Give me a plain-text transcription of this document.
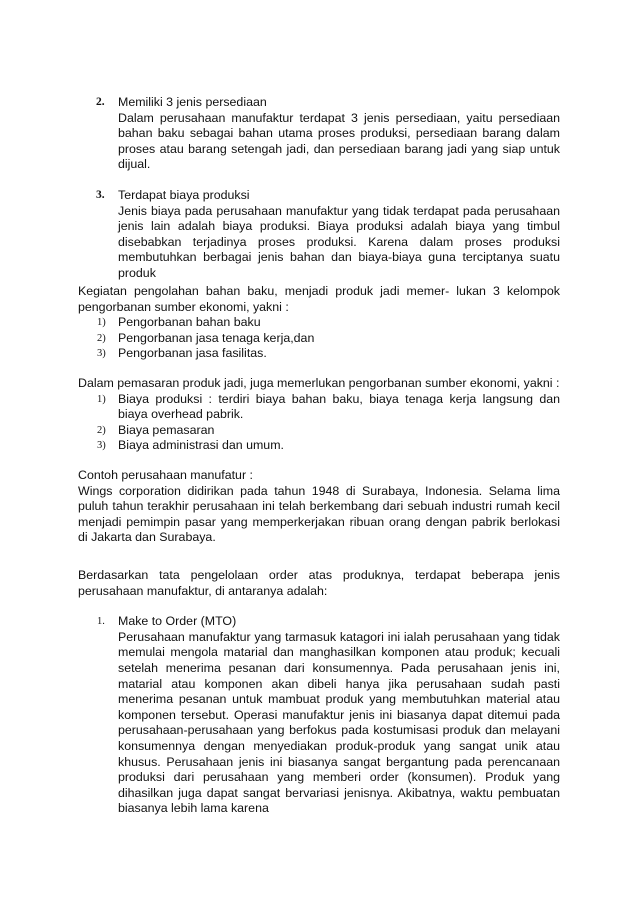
2. Memiliki 3 jenis persediaan

Dalam perusahaan manufaktur terdapat 3 jenis persediaan, yaitu persediaan bahan baku sebagai bahan utama proses produksi, persediaan barang dalam proses atau barang setengah jadi, dan persediaan barang jadi yang siap untuk dijual.

3. Terdapat biaya produksi

Jenis biaya pada perusahaan manufaktur yang tidak terdapat pada perusahaan jenis lain adalah biaya produksi. Biaya produksi adalah biaya yang timbul disebabkan terjadinya proses produksi. Karena dalam proses produksi membutuhkan berbagai jenis bahan dan biaya-biaya guna terciptanya suatu produk

Kegiatan pengolahan bahan baku, menjadi produk jadi memer- lukan 3 kelompok pengorbanan sumber ekonomi, yakni :

1) Pengorbanan bahan baku

2) Pengorbanan jasa tenaga kerja,dan

3) Pengorbanan jasa fasilitas.

Dalam pemasaran produk jadi, juga memerlukan pengorbanan sumber ekonomi, yakni :

1) Biaya produksi : terdiri biaya bahan baku, biaya tenaga kerja langsung dan biaya overhead pabrik.

2) Biaya pemasaran

3) Biaya administrasi dan umum.

Contoh perusahaan manufatur :

Wings corporation didirikan pada tahun 1948 di Surabaya, Indonesia. Selama lima puluh tahun terakhir perusahaan ini telah berkembang dari sebuah industri rumah kecil menjadi pemimpin pasar yang memperkerjakan ribuan orang dengan pabrik berlokasi di Jakarta dan Surabaya.

Berdasarkan tata pengelolaan order atas produknya, terdapat beberapa jenis perusahaan manufaktur, di antaranya adalah:

1. Make to Order (MTO)

Perusahaan manufaktur yang tarmasuk katagori ini ialah perusahaan yang tidak memulai mengola matarial dan manghasilkan komponen atau produk; kecuali setelah menerima pesanan dari konsumennya. Pada perusahaan jenis ini, matarial atau komponen akan dibeli hanya jika perusahaan sudah pasti menerima pesanan untuk mambuat produk yang membutuhkan material atau komponen tersebut. Operasi manufaktur jenis ini biasanya dapat ditemui pada perusahaan-perusahaan yang berfokus pada kostumisasi produk dan melayani konsumennya dengan menyediakan produk-produk yang sangat unik atau khusus. Perusahaan jenis ini biasanya sangat bergantung pada perencanaan produksi dari perusahaan yang memberi order (konsumen). Produk yang dihasilkan juga dapat sangat bervariasi jenisnya. Akibatnya, waktu pembuatan biasanya lebih lama karena
